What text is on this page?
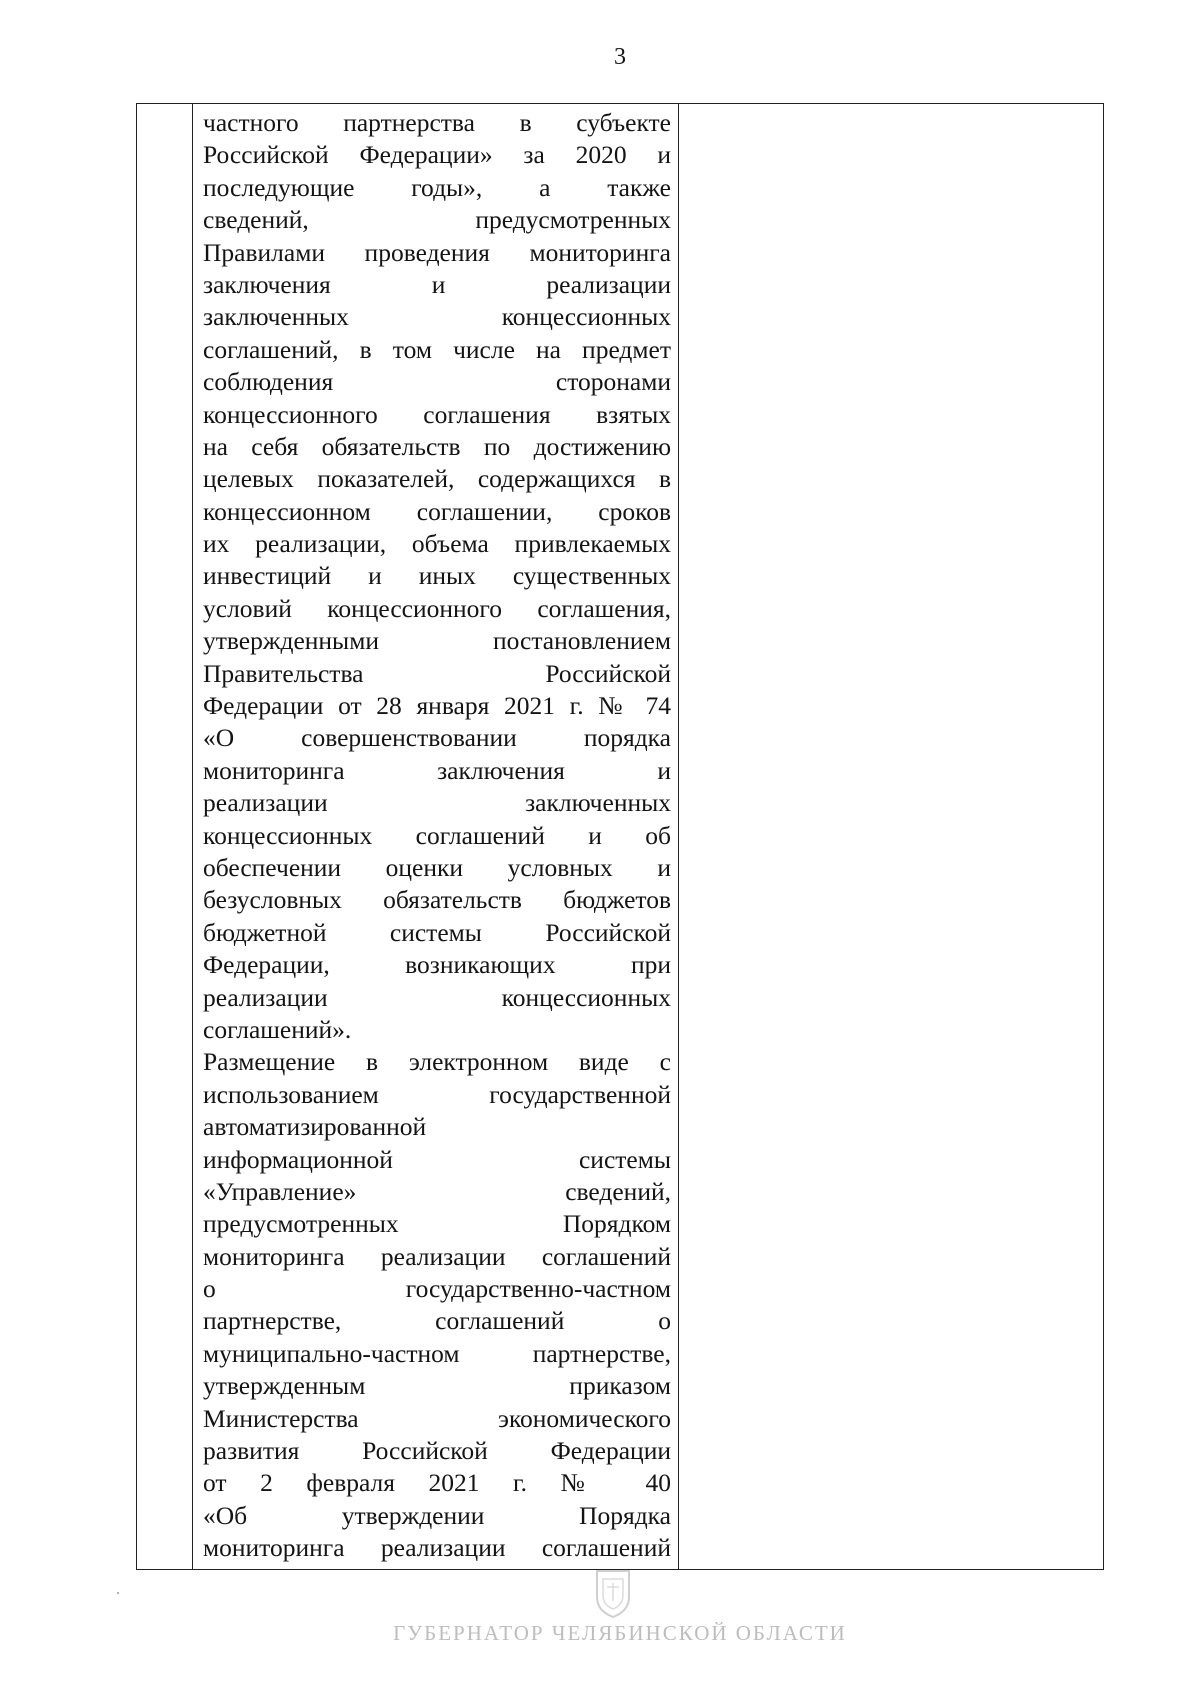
3
частного партнерства в субъекте
Российской Федерации» за 2020 и
последующие годы», а также
сведений, предусмотренных
Правилами проведения мониторинга
заключения и реализации
заключенных концессионных
соглашений, в том числе на предмет
соблюдения сторонами
концессионного соглашения взятых
на себя обязательств по достижению
целевых показателей, содержащихся в
концессионном соглашении, сроков
их реализации, объема привлекаемых
инвестиций и иных существенных
условий концессионного соглашения,
утвержденными постановлением
Правительства Российской
Федерации от 28 января 2021 г. № 74
«О совершенствовании порядка
мониторинга заключения и
реализации заключенных
концессионных соглашений и об
обеспечении оценки условных и
безусловных обязательств бюджетов
бюджетной системы Российской
Федерации, возникающих при
реализации концессионных
соглашений».
Размещение в электронном виде с
использованием государственной
автоматизированной
информационной системы
«Управление» сведений,
предусмотренных Порядком
мониторинга реализации соглашений
о государственно-частном
партнерстве, соглашений о
муниципально-частном партнерстве,
утвержденным приказом
Министерства экономического
развития Российской Федерации
от 2 февраля 2021 г. № 40
«Об утверждении Порядка
мониторинга реализации соглашений
ГУБЕРНАТОР ЧЕЛЯБИНСКОЙ ОБЛАСТИ
